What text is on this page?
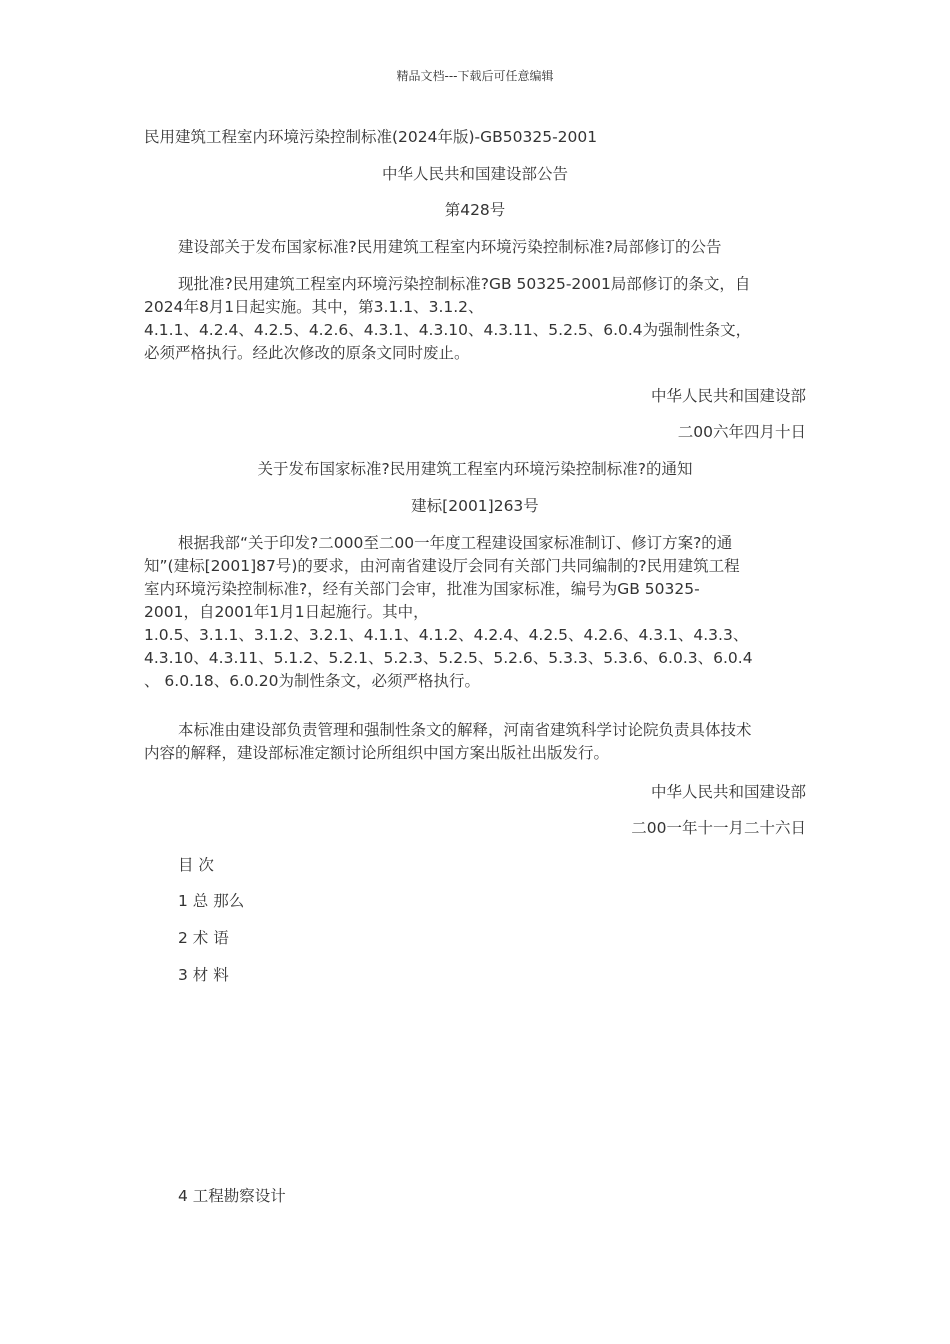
精品文档---下载后可任意编辑
民用建筑工程室内环境污染控制标准(2024年版)-GB50325-2001
中华人民共和国建设部公告
第428号
建设部关于发布国家标准?民用建筑工程室内环境污染控制标准?局部修订的公告
现批准?民用建筑工程室内环境污染控制标准?GB 50325-2001局部修订的条文，自
2024年8月1日起实施。其中，第3.1.1、3.1.2、
4.1.1、4.2.4、4.2.5、4.2.6、4.3.1、4.3.10、4.3.11、5.2.5、6.0.4为强制性条文，
必须严格执行。经此次修改的原条文同时废止。
中华人民共和国建设部
二00六年四月十日
关于发布国家标准?民用建筑工程室内环境污染控制标准?的通知
建标[2001]263号
根据我部“关于印发?二000至二00一年度工程建设国家标准制订、修订方案?的通
知”(建标[2001]87号)的要求，由河南省建设厅会同有关部门共同编制的?民用建筑工程
室内环境污染控制标准?，经有关部门会审，批准为国家标准，编号为GB 50325-
2001，自2001年1月1日起施行。其中，
1.0.5、3.1.1、3.1.2、3.2.1、4.1.1、4.1.2、4.2.4、4.2.5、4.2.6、4.3.1、4.3.3、
4.3.10、4.3.11、5.1.2、5.2.1、5.2.3、5.2.5、5.2.6、5.3.3、5.3.6、6.0.3、6.0.4
、 6.0.18、6.0.20为制性条文，必须严格执行。
本标准由建设部负责管理和强制性条文的解释，河南省建筑科学讨论院负责具体技术
内容的解释，建设部标准定额讨论所组织中国方案出版社出版发行。
中华人民共和国建设部
二00一年十一月二十六日
目 次
1 总 那么
2 术 语
3 材 料
4 工程勘察设计
